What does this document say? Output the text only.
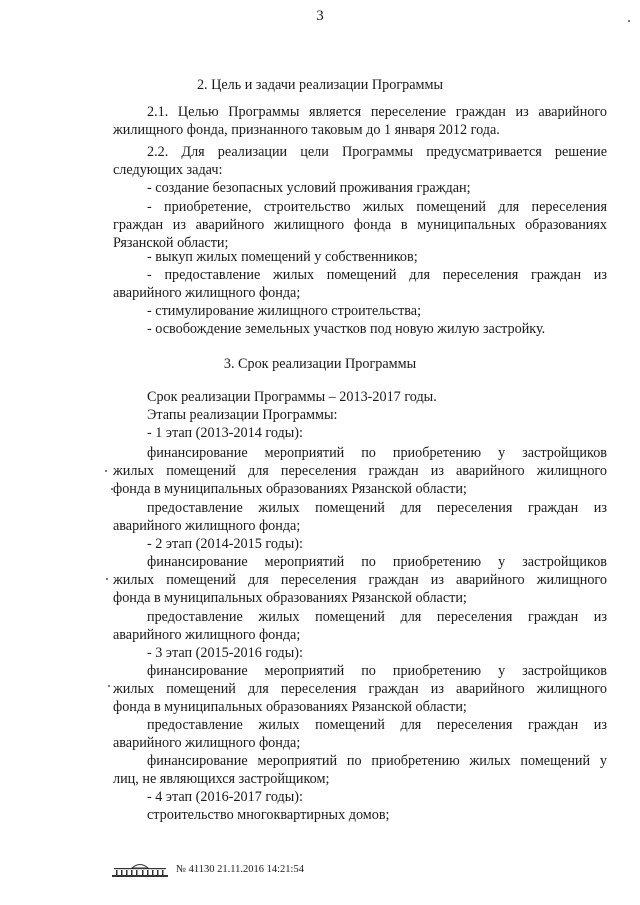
3
2. Цель и задачи реализации Программы
2.1. Целью Программы является переселение граждан из аварийного
жилищного фонда, признанного таковым до 1 января 2012 года.
2.2. Для реализации цели Программы предусматривается решение
следующих задач:
- создание безопасных условий проживания граждан;
- приобретение, строительство жилых помещений для переселения
граждан из аварийного жилищного фонда в муниципальных образованиях
Рязанской области;
- выкуп жилых помещений у собственников;
- предоставление жилых помещений для переселения граждан из
аварийного жилищного фонда;
- стимулирование жилищного строительства;
- освобождение земельных участков под новую жилую застройку.
3. Срок реализации Программы
Срок реализации Программы – 2013-2017 годы.
Этапы реализации Программы:
- 1 этап (2013-2014 годы):
финансирование мероприятий по приобретению у застройщиков
жилых помещений для переселения граждан из аварийного жилищного
фонда в муниципальных образованиях Рязанской области;
предоставление жилых помещений для переселения граждан из
аварийного жилищного фонда;
- 2 этап (2014-2015 годы):
финансирование мероприятий по приобретению у застройщиков
жилых помещений для переселения граждан из аварийного жилищного
фонда в муниципальных образованиях Рязанской области;
предоставление жилых помещений для переселения граждан из
аварийного жилищного фонда;
- 3 этап (2015-2016 годы):
финансирование мероприятий по приобретению у застройщиков
жилых помещений для переселения граждан из аварийного жилищного
фонда в муниципальных образованиях Рязанской области;
предоставление жилых помещений для переселения граждан из
аварийного жилищного фонда;
финансирование мероприятий по приобретению жилых помещений у
лиц, не являющихся застройщиком;
- 4 этап (2016-2017 годы):
строительство многоквартирных домов;
№ 41130 21.11.2016 14:21:54
